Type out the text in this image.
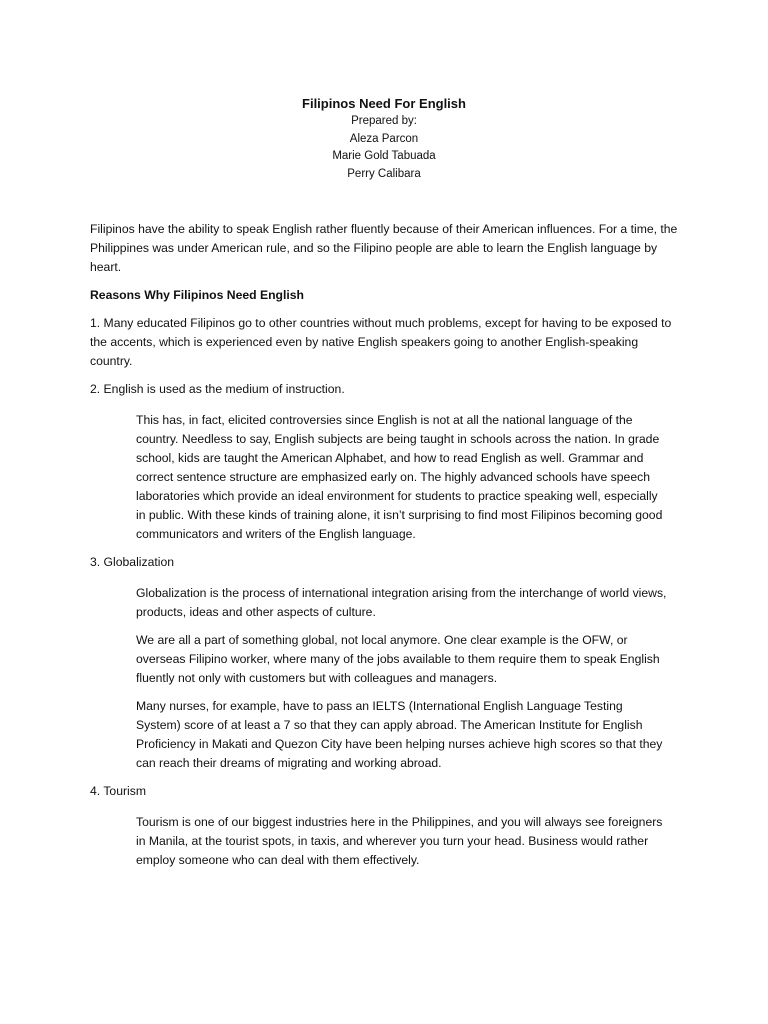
Filipinos Need For English

Prepared by:

Aleza Parcon

Marie Gold Tabuada

Perry Calibara

Filipinos have the ability to speak English rather fluently because of their American influences. For a time, the Philippines was under American rule, and so the Filipino people are able to learn the English language by heart.

Reasons Why Filipinos Need English

1. Many educated Filipinos go to other countries without much problems, except for having to be exposed to the accents, which is experienced even by native English speakers going to another English-speaking country.

2. English is used as the medium of instruction.

This has, in fact, elicited controversies since English is not at all the national language of the country. Needless to say, English subjects are being taught in schools across the nation. In grade school, kids are taught the American Alphabet, and how to read English as well. Grammar and correct sentence structure are emphasized early on. The highly advanced schools have speech laboratories which provide an ideal environment for students to practice speaking well, especially in public. With these kinds of training alone, it isn’t surprising to find most Filipinos becoming good communicators and writers of the English language.

3. Globalization

Globalization is the process of international integration arising from the interchange of world views, products, ideas and other aspects of culture.

We are all a part of something global, not local anymore. One clear example is the OFW, or overseas Filipino worker, where many of the jobs available to them require them to speak English fluently not only with customers but with colleagues and managers.

Many nurses, for example, have to pass an IELTS (International English Language Testing System) score of at least a 7 so that they can apply abroad. The American Institute for English Proficiency in Makati and Quezon City have been helping nurses achieve high scores so that they can reach their dreams of migrating and working abroad.

4. Tourism

Tourism is one of our biggest industries here in the Philippines, and you will always see foreigners in Manila, at the tourist spots, in taxis, and wherever you turn your head. Business would rather employ someone who can deal with them effectively.
